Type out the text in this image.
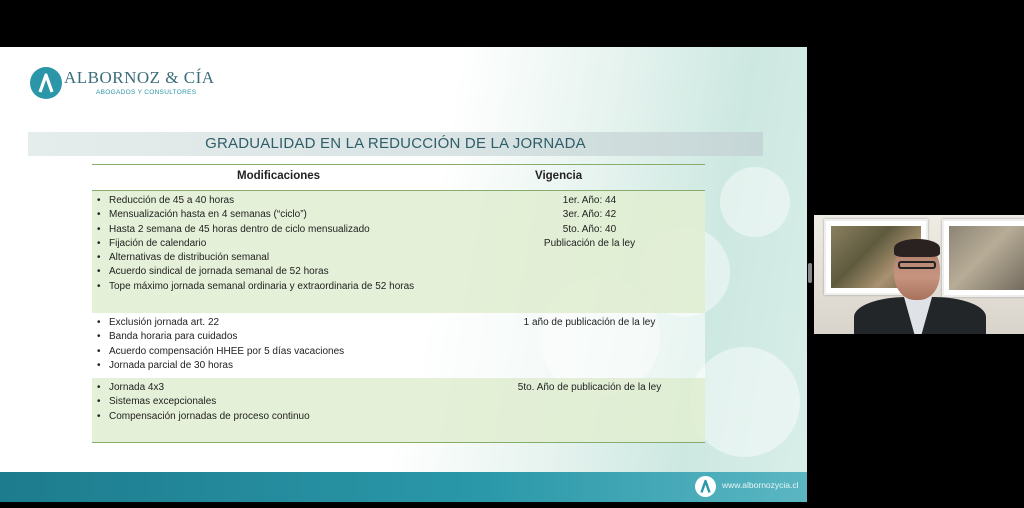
ALBORNOZ & CÍA
ABOGADOS Y CONSULTORES
GRADUALIDAD EN LA REDUCCIÓN DE LA JORNADA
Modificaciones	Vigencia
• Reducción de 45 a 40 horas
• Mensualización hasta en 4 semanas (“ciclo”)
• Hasta 2 semana de 45 horas dentro de ciclo mensualizado
• Fijación de calendario
• Alternativas de distribución semanal
• Acuerdo sindical de jornada semanal de 52 horas
• Tope máximo jornada semanal ordinaria y extraordinaria de 52 horas
1er. Año: 44
3er. Año: 42
5to. Año: 40
Publicación de la ley
• Exclusión jornada art. 22
• Banda horaria para cuidados
• Acuerdo compensación HHEE por 5 días vacaciones
• Jornada parcial de 30 horas
1 año de publicación de la ley
• Jornada 4x3
• Sistemas excepcionales
• Compensación jornadas de proceso continuo
5to. Año de publicación de la ley
www.albornozycia.cl
